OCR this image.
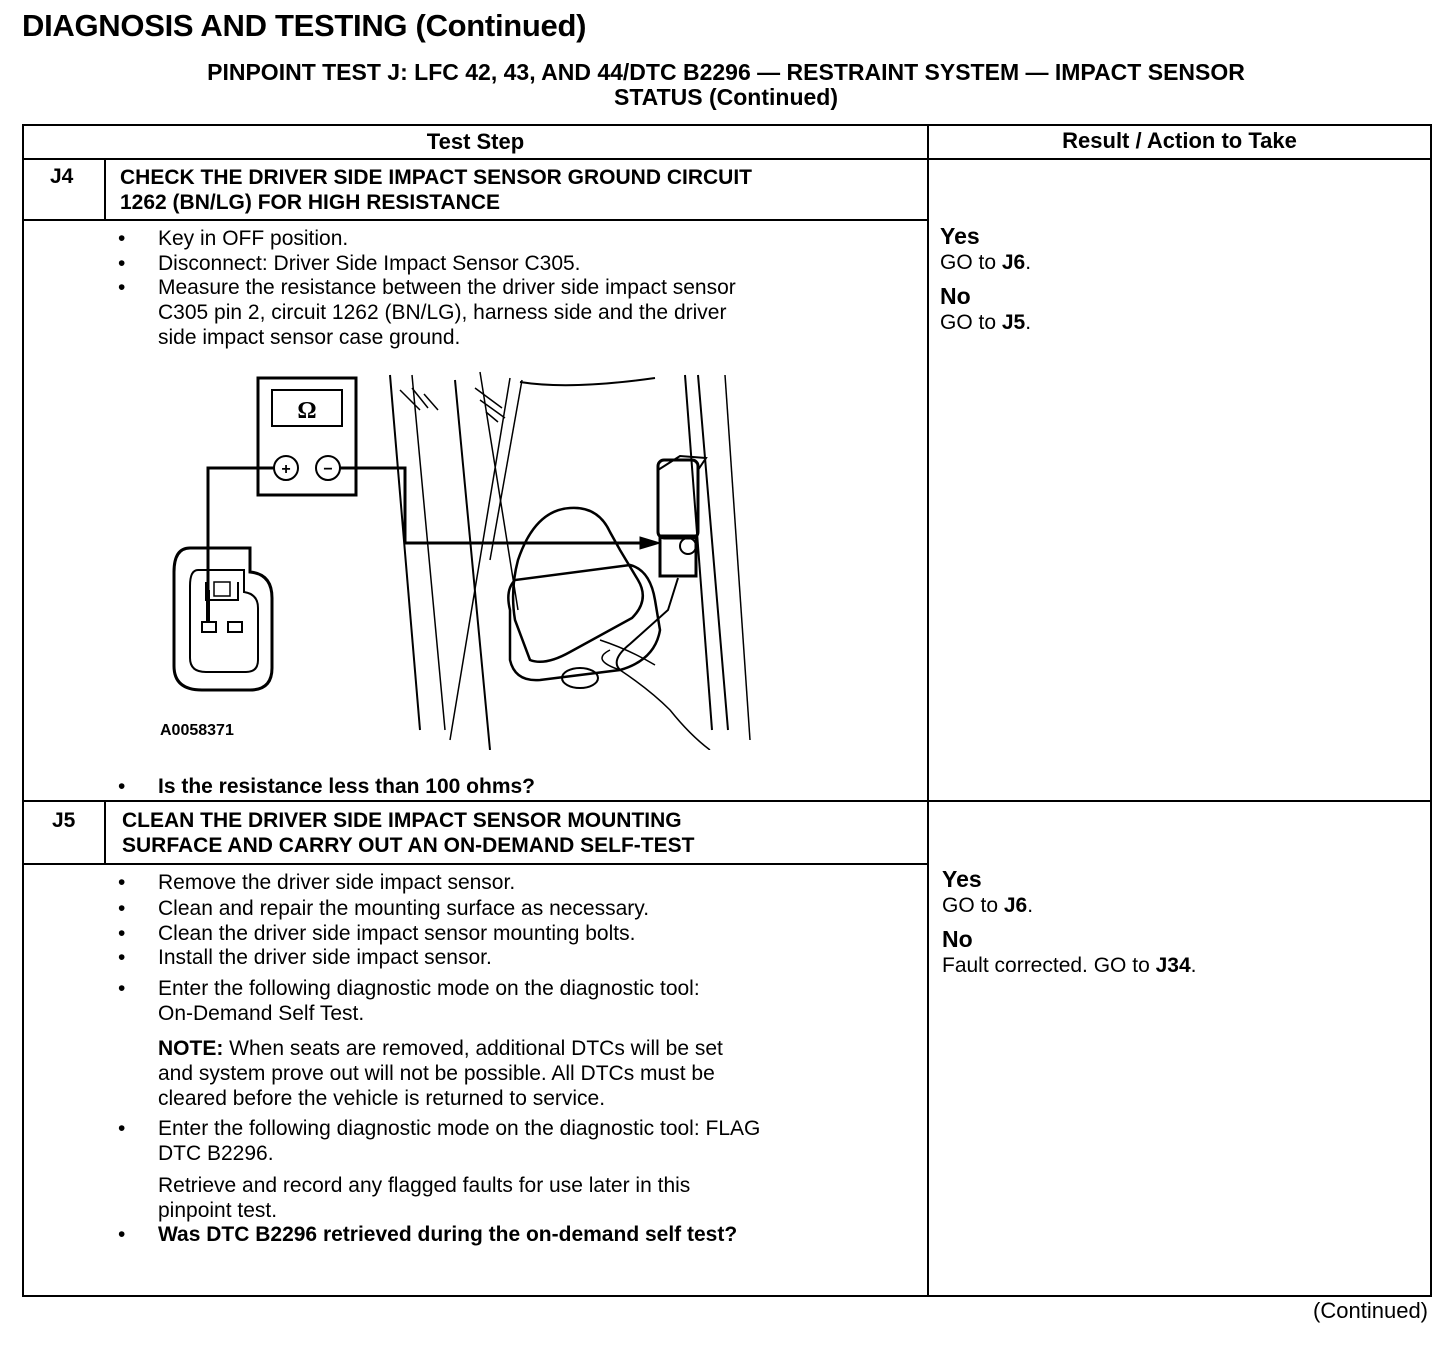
DIAGNOSIS AND TESTING (Continued)
PINPOINT TEST J: LFC 42, 43, AND 44/DTC B2296 — RESTRAINT SYSTEM — IMPACT SENSOR
STATUS (Continued)
Test Step	Result / Action to Take
J4 CHECK THE DRIVER SIDE IMPACT SENSOR GROUND CIRCUIT
1262 (BN/LG) FOR HIGH RESISTANCE
• Key in OFF position.
• Disconnect: Driver Side Impact Sensor C305.
• Measure the resistance between the driver side impact sensor
C305 pin 2, circuit 1262 (BN/LG), harness side and the driver
side impact sensor case ground.
Ω
+ −
A0058371
• Is the resistance less than 100 ohms?
Yes
GO to J6.
No
GO to J5.
J5 CLEAN THE DRIVER SIDE IMPACT SENSOR MOUNTING
SURFACE AND CARRY OUT AN ON-DEMAND SELF-TEST
• Remove the driver side impact sensor.
• Clean and repair the mounting surface as necessary.
• Clean the driver side impact sensor mounting bolts.
• Install the driver side impact sensor.
• Enter the following diagnostic mode on the diagnostic tool:
On-Demand Self Test.
NOTE: When seats are removed, additional DTCs will be set
and system prove out will not be possible. All DTCs must be
cleared before the vehicle is returned to service.
• Enter the following diagnostic mode on the diagnostic tool: FLAG
DTC B2296.
Retrieve and record any flagged faults for use later in this
pinpoint test.
• Was DTC B2296 retrieved during the on-demand self test?
Yes
GO to J6.
No
Fault corrected. GO to J34.
(Continued)
